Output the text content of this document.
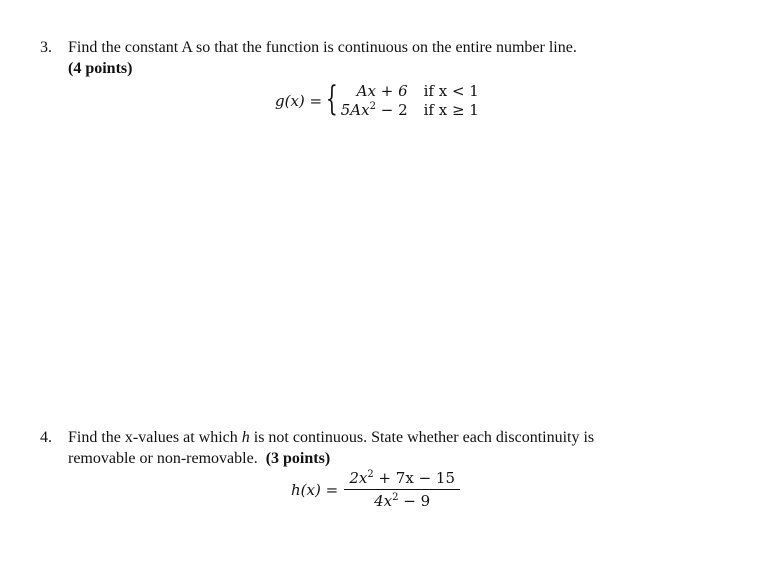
3. Find the constant A so that the function is continuous on the entire number line.
(4 points)
g(x) = {	Ax + 6 if x < 1
$5Ax^2 - 2$ if x ≥ 1
4. Find the x-values at which h is not continuous. State whether each discontinuity is
removable or non-removable. (3 points)
$h(x) = \frac{2x^2 + 7x - 15}{4x^2 - 9}$
